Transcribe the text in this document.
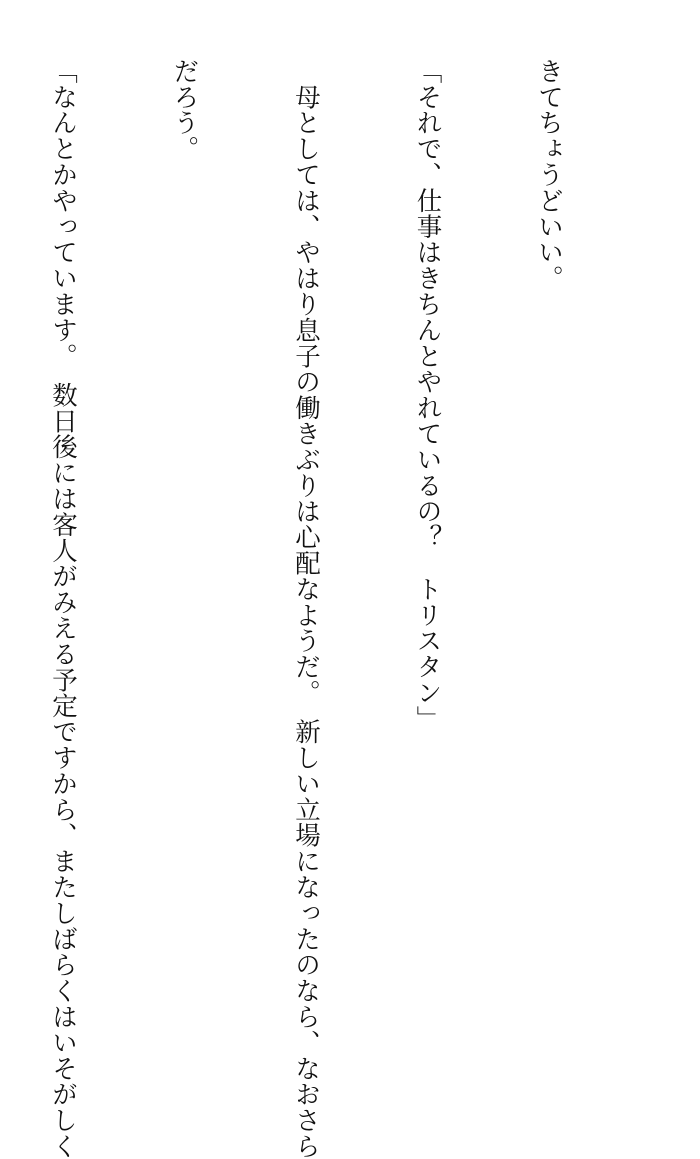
きてちょうどいい。

「それで、仕事はきちんとやれているの？　トリスタン」

　母としては、やはり息子の働きぶりは心配なようだ。　新しい立場になったのなら、なおさら

だろう。

「なんとかやっています。　数日後には客人がみえる予定ですから、またしばらくはいそがしく
